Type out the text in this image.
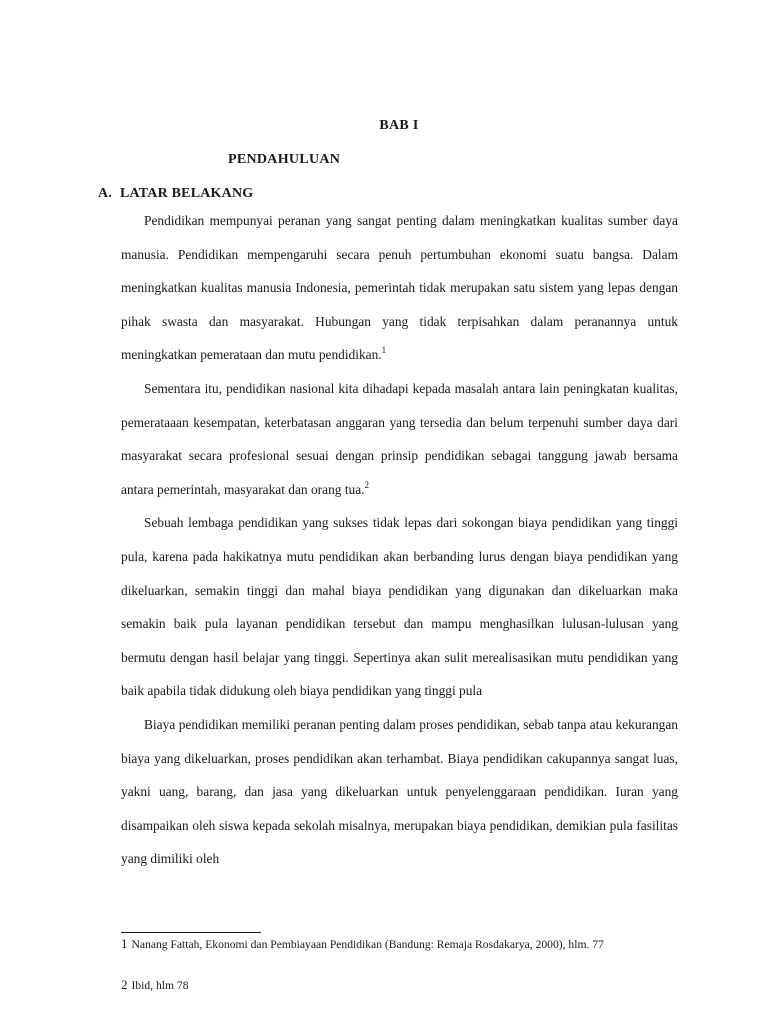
BAB I
PENDAHULUAN
A. LATAR BELAKANG

Pendidikan mempunyai peranan yang sangat penting dalam meningkatkan kualitas sumber daya manusia. Pendidikan mempengaruhi secara penuh pertumbuhan ekonomi suatu bangsa. Dalam meningkatkan kualitas manusia Indonesia, pemerintah tidak merupakan satu sistem yang lepas dengan pihak swasta dan masyarakat. Hubungan yang tidak terpisahkan dalam peranannya untuk meningkatkan pemerataan dan mutu pendidikan.$^1$

Sementara itu, pendidikan nasional kita dihadapi kepada masalah antara lain peningkatan kualitas, pemerataaan kesempatan, keterbatasan anggaran yang tersedia dan belum terpenuhi sumber daya dari masyarakat secara profesional sesuai dengan prinsip pendidikan sebagai tanggung jawab bersama antara pemerintah, masyarakat dan orang tua.$^2$

Sebuah lembaga pendidikan yang sukses tidak lepas dari sokongan biaya pendidikan yang tinggi pula, karena pada hakikatnya mutu pendidikan akan berbanding lurus dengan biaya pendidikan yang dikeluarkan, semakin tinggi dan mahal biaya pendidikan yang digunakan dan dikeluarkan maka semakin baik pula layanan pendidikan tersebut dan mampu menghasilkan lulusan-lulusan yang bermutu dengan hasil belajar yang tinggi. Sepertinya akan sulit merealisasikan mutu pendidikan yang baik apabila tidak didukung oleh biaya pendidikan yang tinggi pula

Biaya pendidikan memiliki peranan penting dalam proses pendidikan, sebab tanpa atau kekurangan biaya yang dikeluarkan, proses pendidikan akan terhambat. Biaya pendidikan cakupannya sangat luas, yakni uang, barang, dan jasa yang dikeluarkan untuk penyelenggaraan pendidikan. Iuran yang disampaikan oleh siswa kepada sekolah misalnya, merupakan biaya pendidikan, demikian pula fasilitas yang dimiliki oleh

1 Nanang Fattah, Ekonomi dan Pembiayaan Pendidikan (Bandung: Remaja Rosdakarya, 2000), hlm. 77
2 Ibid, hlm 78
